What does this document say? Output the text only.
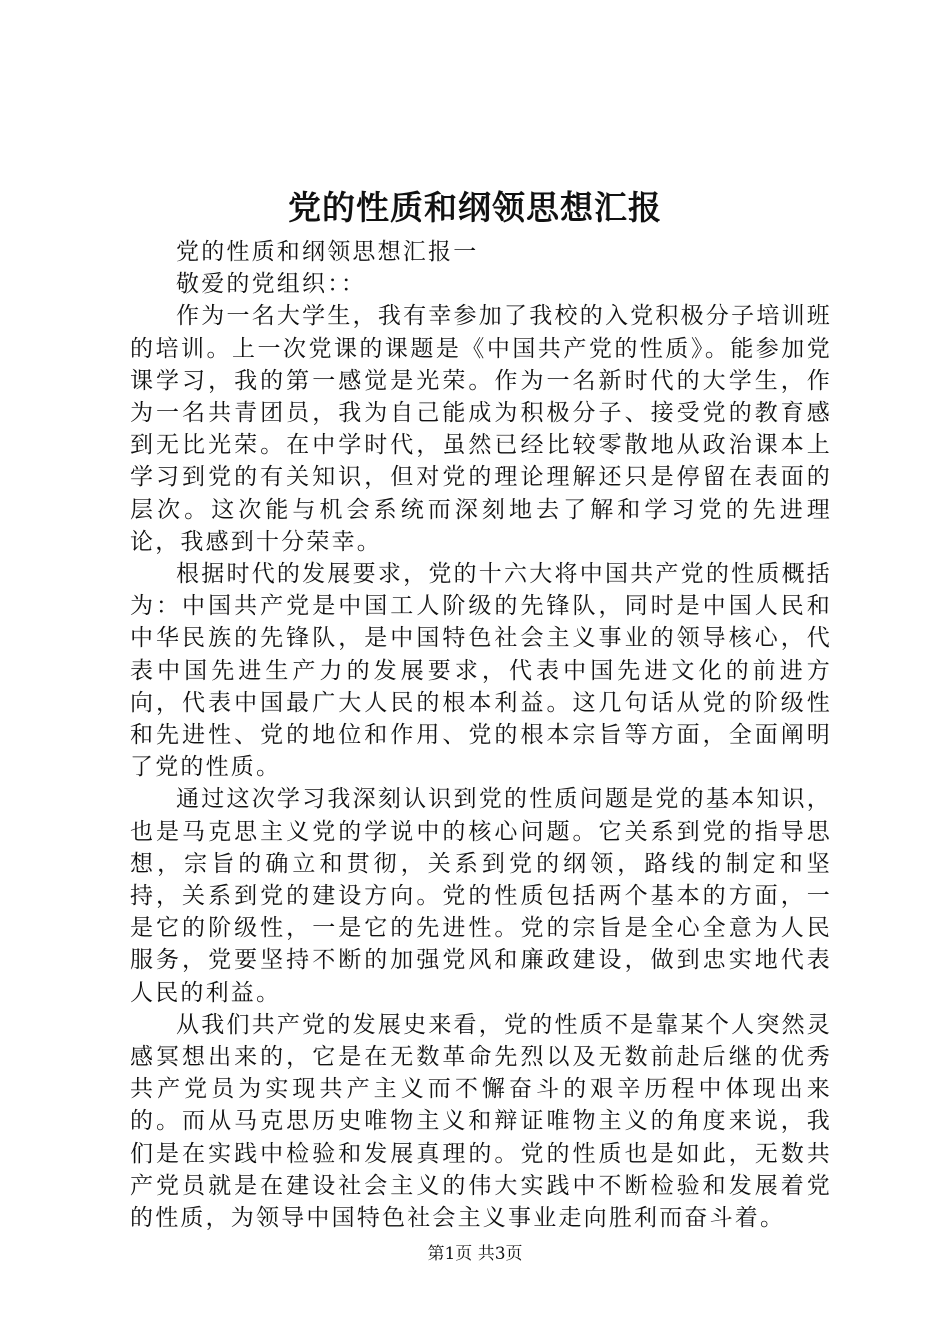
党的性质和纲领思想汇报

党的性质和纲领思想汇报一

敬爱的党组织：：

作为一名大学生，我有幸参加了我校的入党积极分子培训班的培训。上一次党课的课题是《中国共产党的性质》。能参加党课学习，我的第一感觉是光荣。作为一名新时代的大学生，作为一名共青团员，我为自己能成为积极分子、接受党的教育感到无比光荣。在中学时代，虽然已经比较零散地从政治课本上学习到党的有关知识，但对党的理论理解还只是停留在表面的层次。这次能与机会系统而深刻地去了解和学习党的先进理论，我感到十分荣幸。

根据时代的发展要求，党的十六大将中国共产党的性质概括为：中国共产党是中国工人阶级的先锋队，同时是中国人民和中华民族的先锋队，是中国特色社会主义事业的领导核心，代表中国先进生产力的发展要求，代表中国先进文化的前进方向，代表中国最广大人民的根本利益。这几句话从党的阶级性和先进性、党的地位和作用、党的根本宗旨等方面，全面阐明了党的性质。

通过这次学习我深刻认识到党的性质问题是党的基本知识，也是马克思主义党的学说中的核心问题。它关系到党的指导思想，宗旨的确立和贯彻，关系到党的纲领，路线的制定和坚持，关系到党的建设方向。党的性质包括两个基本的方面，一是它的阶级性，一是它的先进性。党的宗旨是全心全意为人民服务，党要坚持不断的加强党风和廉政建设，做到忠实地代表人民的利益。

从我们共产党的发展史来看，党的性质不是靠某个人突然灵感冥想出来的，它是在无数革命先烈以及无数前赴后继的优秀共产党员为实现共产主义而不懈奋斗的艰辛历程中体现出来的。而从马克思历史唯物主义和辩证唯物主义的角度来说，我们是在实践中检验和发展真理的。党的性质也是如此，无数共产党员就是在建设社会主义的伟大实践中不断检验和发展着党的性质，为领导中国特色社会主义事业走向胜利而奋斗着。

第1页 共3页
